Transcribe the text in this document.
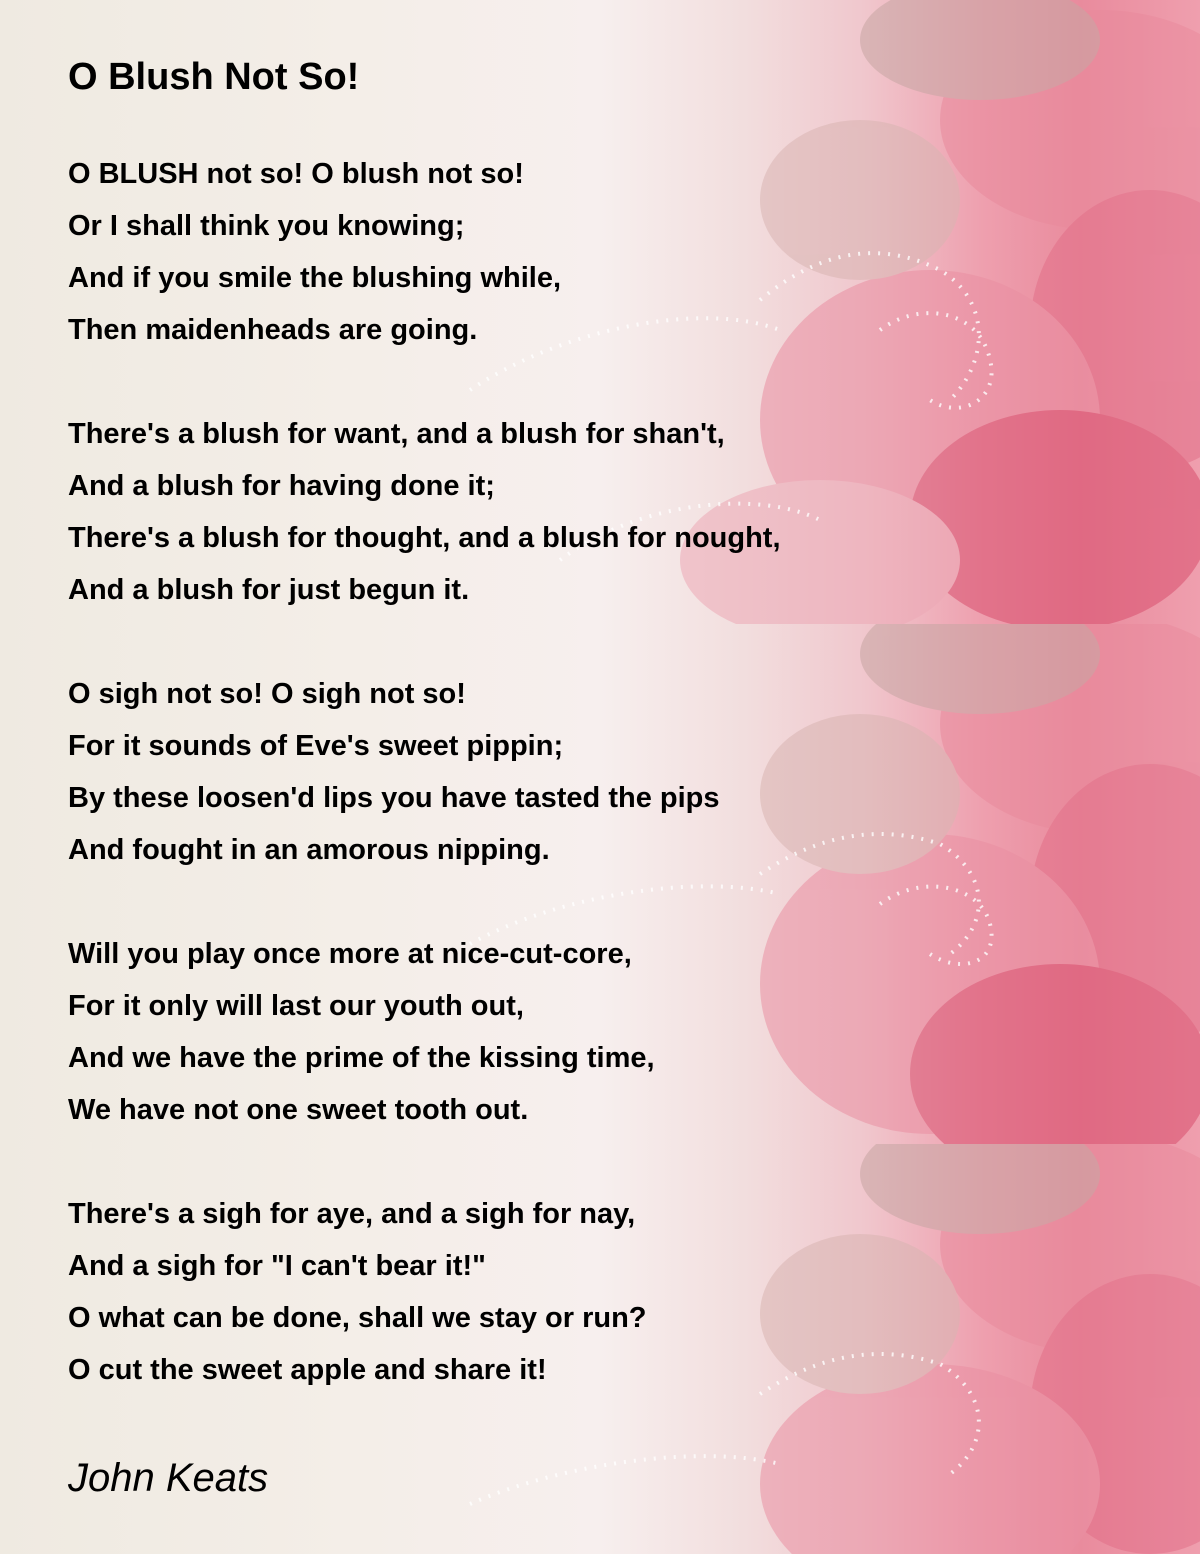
O Blush Not So!
O BLUSH not so! O blush not so!
Or I shall think you knowing;
And if you smile the blushing while,
Then maidenheads are going.
There's a blush for want, and a blush for shan't,
And a blush for having done it;
There's a blush for thought, and a blush for nought,
And a blush for just begun it.
O sigh not so! O sigh not so!
For it sounds of Eve's sweet pippin;
By these loosen'd lips you have tasted the pips
And fought in an amorous nipping.
Will you play once more at nice-cut-core,
For it only will last our youth out,
And we have the prime of the kissing time,
We have not one sweet tooth out.
There's a sigh for aye, and a sigh for nay,
And a sigh for "I can't bear it!"
O what can be done, shall we stay or run?
O cut the sweet apple and share it!
John Keats
